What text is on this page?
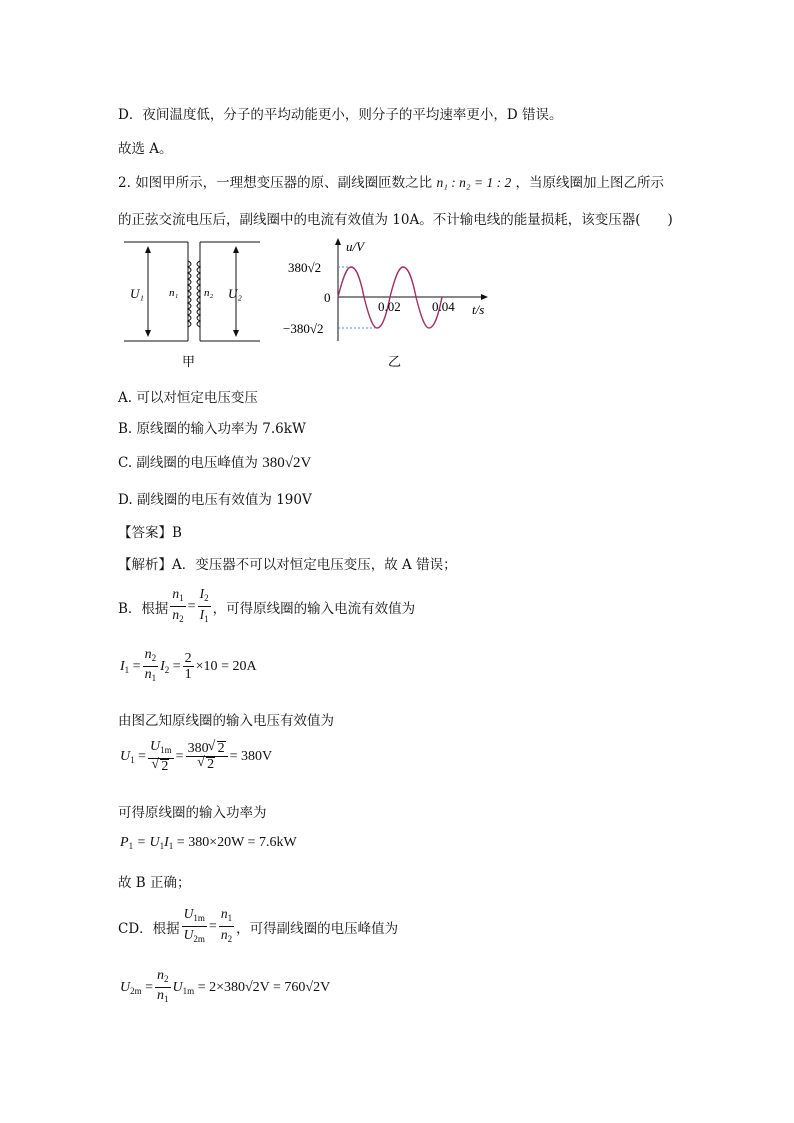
D．夜间温度低，分子的平均动能更小，则分子的平均速率更小，D 错误。
故选 A。
2. 如图甲所示，一理想变压器的原、副线圈匝数之比 n₁ : n₂ = 1 : 2 ，当原线圈加上图乙所示
的正弦交流电压后，副线圈中的电流有效值为 10A。不计输电线的能量损耗，该变压器(　　)
U₁ n₁ n₂ U₂
甲
u/V
380√2
0
−380√2
0.02 0.04 t/s
乙
A. 可以对恒定电压变压
B. 原线圈的输入功率为 7.6kW
C. 副线圈的电压峰值为 380√2V
D. 副线圈的电压有效值为 190V
【答案】B
【解析】A．变压器不可以对恒定电压变压，故 A 错误；
B．根据 $\frac{n_1}{n_2} = \frac{I_2}{I_1}$ ，可得原线圈的输入电流有效值为
$I_1 = \frac{n_2}{n_1} I_2 = \frac{2}{1} \times 10 = 20A$
由图乙知原线圈的输入电压有效值为
$U_1 = U_{1m}$
√ 2 = 380√ 2
√ 2 = 380V
可得原线圈的输入功率为
$P_1 = U_1I_1 = 380\times 20W = 7.6kW$
故 B 正确；
CD．根据 $\frac{U_{1m}}{U_{2m}} = \frac{n_1}{n_2}$ ，可得副线圈的电压峰值为
$U_{2m} = \frac{n_2}{n_1} U_{1m}$
= 2×380√2V = 760√2V
